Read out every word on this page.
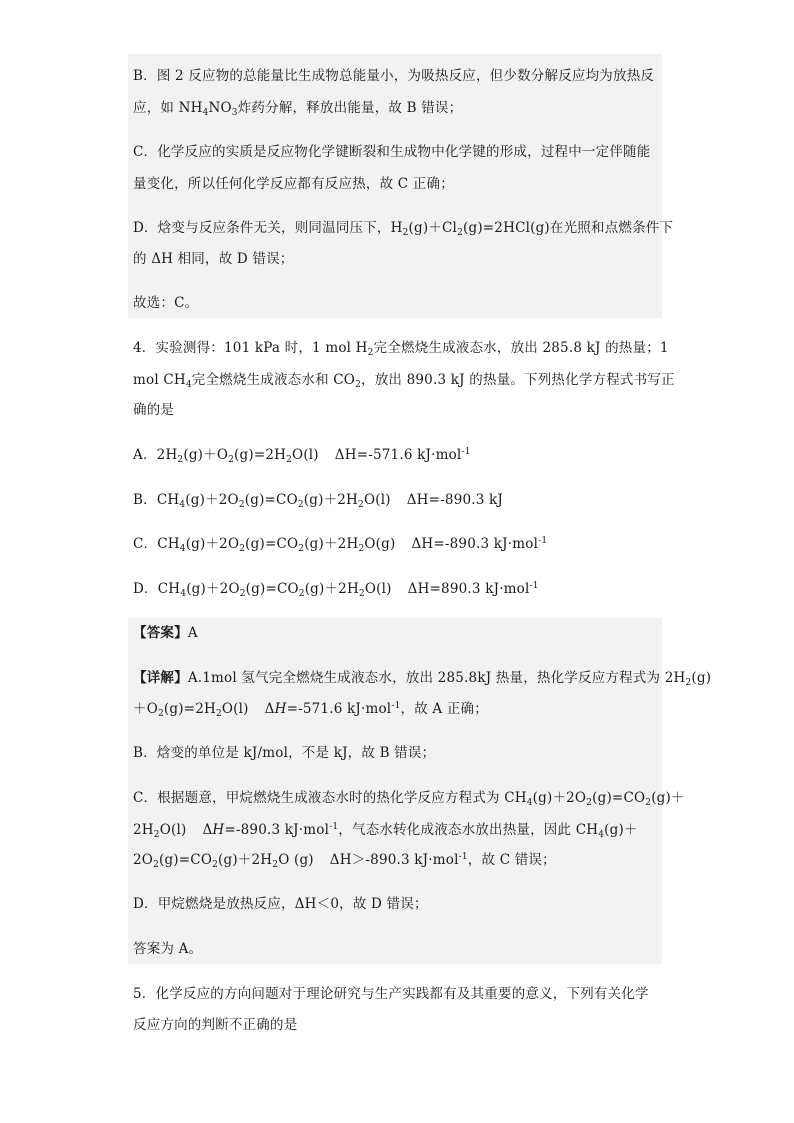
B．图 2 反应物的总能量比生成物总能量小，为吸热反应，但少数分解反应均为放热反
应，如 $NH_4NO_3$炸药分解，释放出能量，故 B 错误；
C．化学反应的实质是反应物化学键断裂和生成物中化学键的形成，过程中一定伴随能
量变化，所以任何化学反应都有反应热，故 C 正确；
D．焓变与反应条件无关，则同温同压下，$H_2(g)+Cl_2(g)=2HCl(g)$在光照和点燃条件下
的 ΔH 相同，故 D 错误；
故选：C。
4．实验测得：101 kPa 时，1 mol $H_2$完全燃烧生成液态水，放出 285.8 kJ 的热量；1
mol $CH_4$完全燃烧生成液态水和 $CO_2$，放出 890.3 kJ 的热量。下列热化学方程式书写正
确的是
A．$2H_2(g)+O_2(g)=2H_2O(l)$ ΔH=-571.6 kJ·mol$^{-1}$
B．$CH_4(g)+2O_2(g)=CO_2(g)+2H_2O(l)$ ΔH=-890.3 kJ
C．$CH_4(g)+2O_2(g)=CO_2(g)+2H_2O(g)$ ΔH=-890.3 kJ·mol$^{-1}$
D．$CH_4(g)+2O_2(g)=CO_2(g)+2H_2O(l)$ ΔH=890.3 kJ·mol$^{-1}$
【答案】A
【详解】A.1mol 氢气完全燃烧生成液态水，放出 285.8kJ 热量，热化学反应方程式为 $2H_2(g)$
$+O_2(g)=2H_2O(l)$ ΔH=-571.6 kJ·mol$^{-1}$，故 A 正确；
B．焓变的单位是 kJ/mol，不是 kJ，故 B 错误；
C．根据题意，甲烷燃烧生成液态水时的热化学反应方程式为 $CH_4(g)+2O_2(g)=CO_2(g)+$
$2H_2O(l)$ ΔH=-890.3 kJ·mol$^{-1}$，气态水转化成液态水放出热量，因此 $CH_4(g)+$
$2O_2(g)=CO_2(g)+2H_2O$ (g) ΔH＞-890.3 kJ·mol$^{-1}$，故 C 错误；
D．甲烷燃烧是放热反应，ΔH＜0，故 D 错误；
答案为 A。
5．化学反应的方向问题对于理论研究与生产实践都有及其重要的意义，下列有关化学
反应方向的判断不正确的是
